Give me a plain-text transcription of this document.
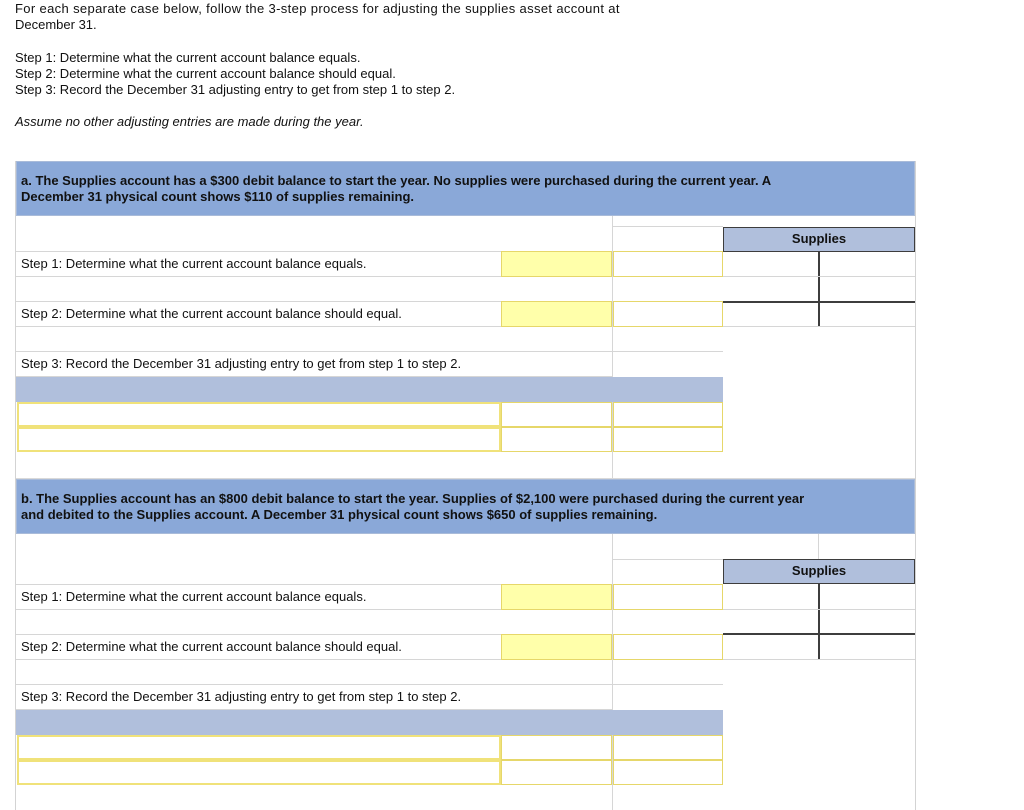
For each separate case below, follow the 3-step process for adjusting the supplies asset account at

December 31.

Step 1: Determine what the current account balance equals.

Step 2: Determine what the current account balance should equal.

Step 3: Record the December 31 adjusting entry to get from step 1 to step 2.

Assume no other adjusting entries are made during the year.

a. The Supplies account has a $300 debit balance to start the year. No supplies were purchased during the current year. A
December 31 physical count shows $110 of supplies remaining.
Supplies
Step 1: Determine what the current account balance equals.
Step 2: Determine what the current account balance should equal.
Step 3: Record the December 31 adjusting entry to get from step 1 to step 2.
b. The Supplies account has an $800 debit balance to start the year. Supplies of $2,100 were purchased during the current year
and debited to the Supplies account. A December 31 physical count shows $650 of supplies remaining.
Supplies
Step 1: Determine what the current account balance equals.
Step 2: Determine what the current account balance should equal.
Step 3: Record the December 31 adjusting entry to get from step 1 to step 2.
